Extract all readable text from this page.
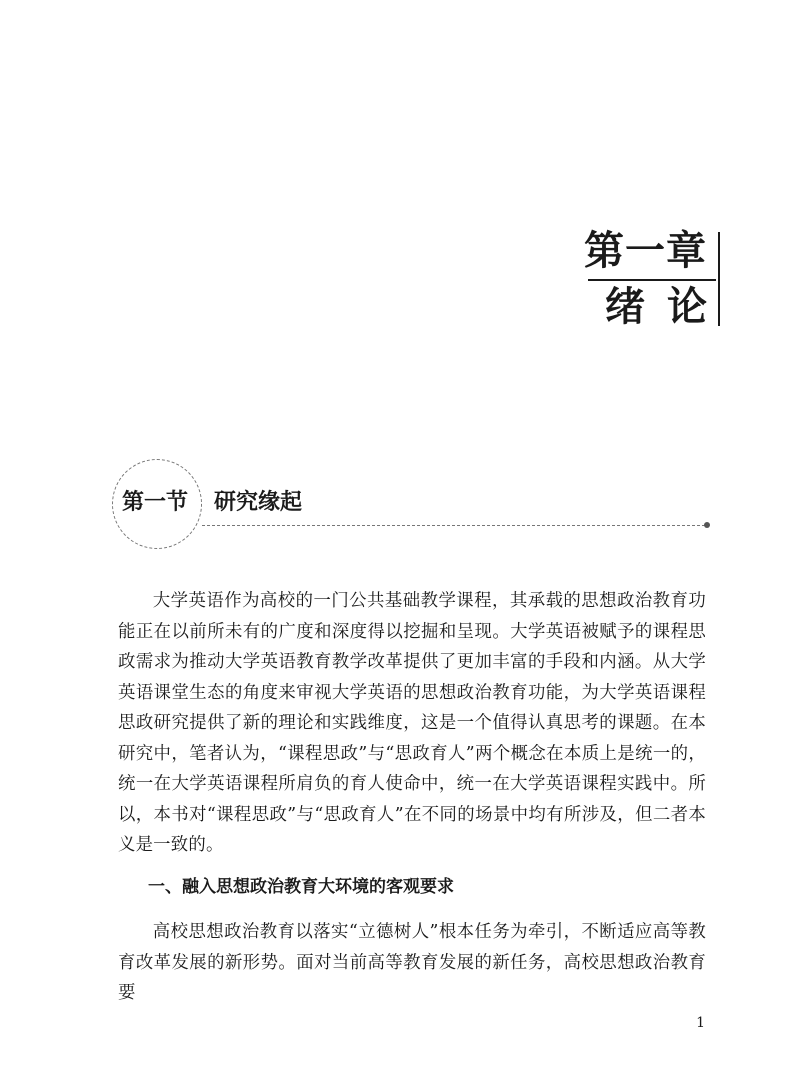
第一章
绪论
第一节 研究缘起

大学英语作为高校的一门公共基础教学课程，其承载的思想政治教育功能正在以前所未有的广度和深度得以挖掘和呈现。大学英语被赋予的课程思政需求为推动大学英语教育教学改革提供了更加丰富的手段和内涵。从大学英语课堂生态的角度来审视大学英语的思想政治教育功能，为大学英语课程思政研究提供了新的理论和实践维度，这是一个值得认真思考的课题。在本研究中，笔者认为，“课程思政”与“思政育人”两个概念在本质上是统一的，统一在大学英语课程所肩负的育人使命中，统一在大学英语课程实践中。所以，本书对“课程思政”与“思政育人”在不同的场景中均有所涉及，但二者本义是一致的。

一、融入思想政治教育大环境的客观要求

高校思想政治教育以落实“立德树人”根本任务为牵引，不断适应高等教育改革发展的新形势。面对当前高等教育发展的新任务，高校思想政治教育要

1
